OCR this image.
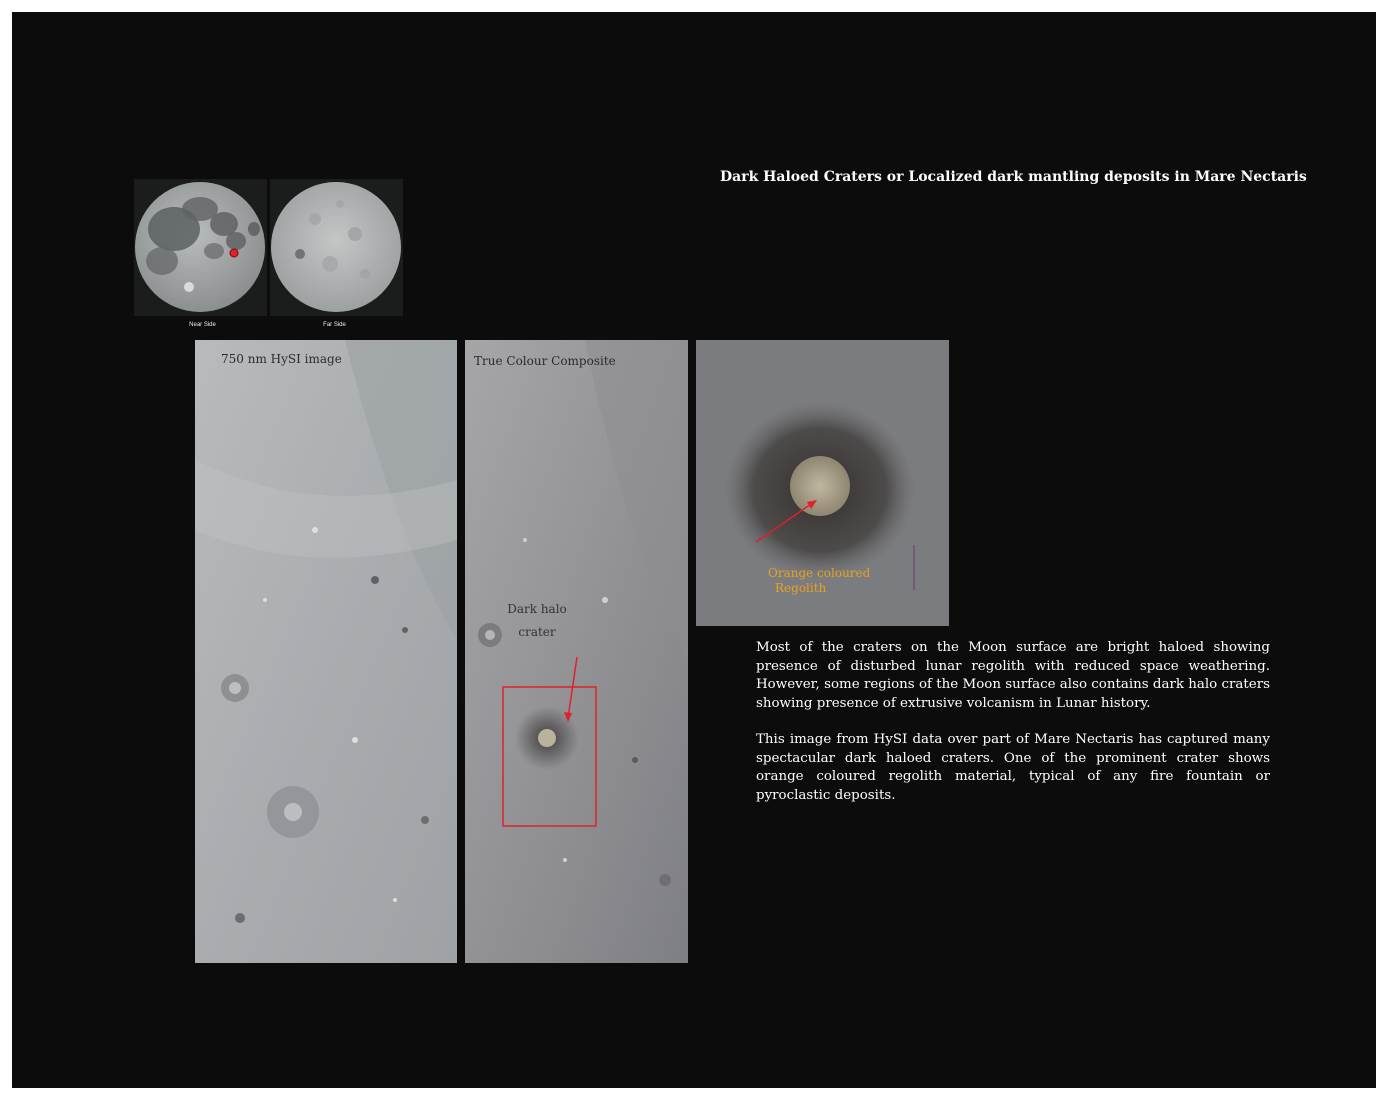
Dark Haloed Craters or Localized dark mantling deposits in Mare Nectaris
Near Side	Far Side
750 nm HySI image	True Colour Composite
Dark halo
crater
Orange coloured
Regolith

Most of the craters on the Moon surface are bright haloed showing presence of disturbed lunar regolith with reduced space weathering. However, some regions of the Moon surface also contains dark halo craters showing presence of extrusive volcanism in Lunar history.

This image from HySI data over part of Mare Nectaris has captured many spectacular dark haloed craters. One of the prominent crater shows orange coloured regolith material, typical of any fire fountain or pyroclastic deposits.
